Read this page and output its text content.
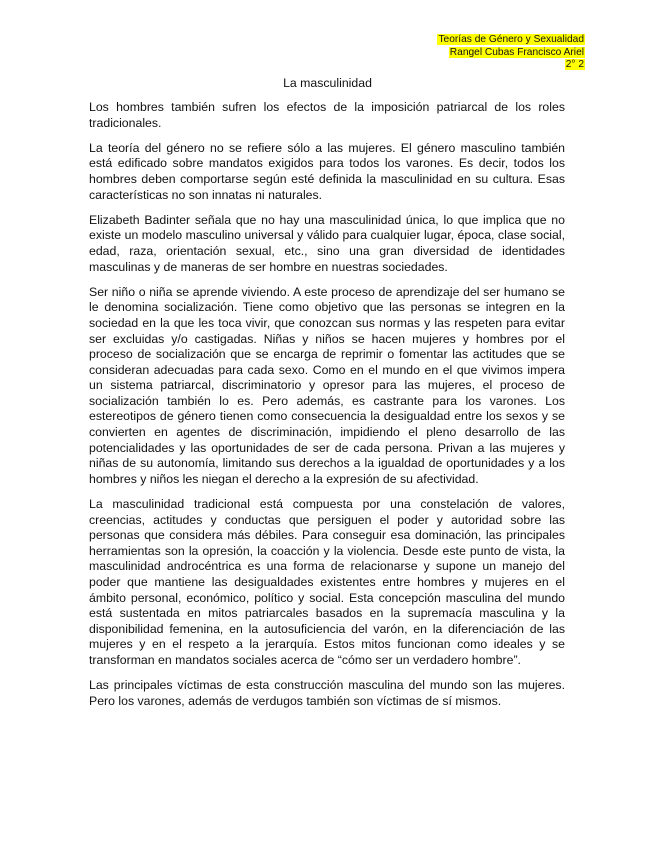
Teorías de Género y Sexualidad
Rangel Cubas Francisco Ariel
2° 2
La masculinidad

Los hombres también sufren los efectos de la imposición patriarcal de los roles tradicionales.

La teoría del género no se refiere sólo a las mujeres. El género masculino también está edificado sobre mandatos exigidos para todos los varones. Es decir, todos los hombres deben comportarse según esté definida la masculinidad en su cultura. Esas características no son innatas ni naturales.

Elizabeth Badinter señala que no hay una masculinidad única, lo que implica que no existe un modelo masculino universal y válido para cualquier lugar, época, clase social, edad, raza, orientación sexual, etc., sino una gran diversidad de identidades masculinas y de maneras de ser hombre en nuestras sociedades.

Ser niño o niña se aprende viviendo. A este proceso de aprendizaje del ser humano se le denomina socialización. Tiene como objetivo que las personas se integren en la sociedad en la que les toca vivir, que conozcan sus normas y las respeten para evitar ser excluidas y/o castigadas. Niñas y niños se hacen mujeres y hombres por el proceso de socialización que se encarga de reprimir o fomentar las actitudes que se consideran adecuadas para cada sexo. Como en el mundo en el que vivimos impera un sistema patriarcal, discriminatorio y opresor para las mujeres, el proceso de socialización también lo es. Pero además, es castrante para los varones. Los estereotipos de género tienen como consecuencia la desigualdad entre los sexos y se convierten en agentes de discriminación, impidiendo el pleno desarrollo de las potencialidades y las oportunidades de ser de cada persona. Privan a las mujeres y niñas de su autonomía, limitando sus derechos a la igualdad de oportunidades y a los hombres y niños les niegan el derecho a la expresión de su afectividad.

La masculinidad tradicional está compuesta por una constelación de valores, creencias, actitudes y conductas que persiguen el poder y autoridad sobre las personas que considera más débiles. Para conseguir esa dominación, las principales herramientas son la opresión, la coacción y la violencia. Desde este punto de vista, la masculinidad androcéntrica es una forma de relacionarse y supone un manejo del poder que mantiene las desigualdades existentes entre hombres y mujeres en el ámbito personal, económico, político y social. Esta concepción masculina del mundo está sustentada en mitos patriarcales basados en la supremacía masculina y la disponibilidad femenina, en la autosuficiencia del varón, en la diferenciación de las mujeres y en el respeto a la jerarquía. Estos mitos funcionan como ideales y se transforman en mandatos sociales acerca de “cómo ser un verdadero hombre”.

Las principales víctimas de esta construcción masculina del mundo son las mujeres. Pero los varones, además de verdugos también son víctimas de sí mismos.
